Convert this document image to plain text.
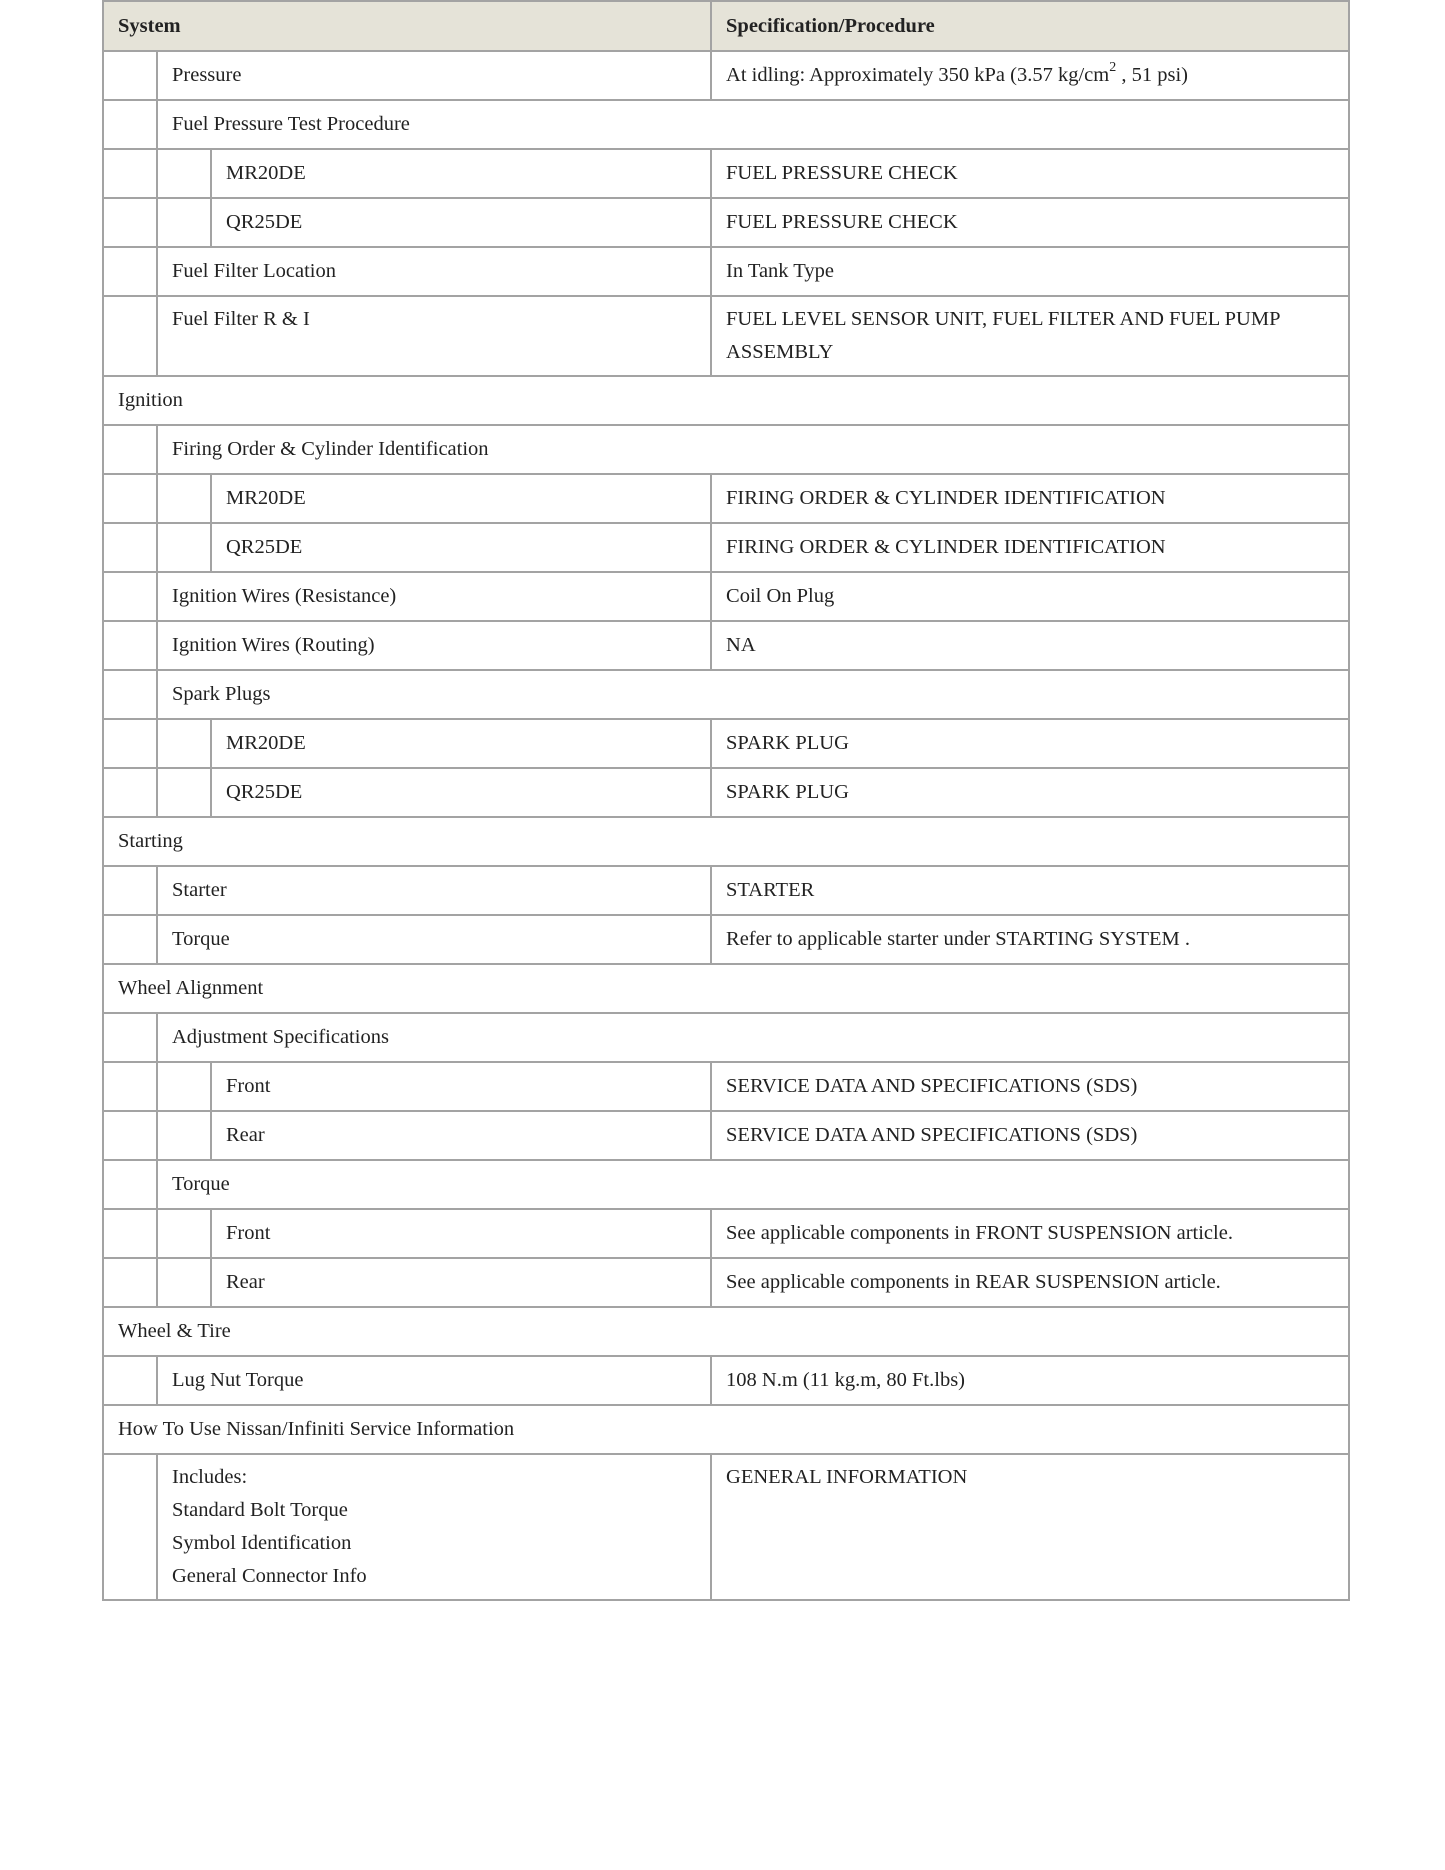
System			Specification/Procedure
	Pressure		At idling: Approximately 350 kPa (3.57 $kg/cm^2$ , 51 psi)
	Fuel Pressure Test Procedure		
		MR20DE	FUEL PRESSURE CHECK
		QR25DE	FUEL PRESSURE CHECK
	Fuel Filter Location		In Tank Type
	Fuel Filter R & I		FUEL LEVEL SENSOR UNIT, FUEL FILTER AND FUEL PUMP ASSEMBLY
Ignition			
	Firing Order & Cylinder Identification		
		MR20DE	FIRING ORDER & CYLINDER IDENTIFICATION
		QR25DE	FIRING ORDER & CYLINDER IDENTIFICATION
	Ignition Wires (Resistance)		Coil On Plug
	Ignition Wires (Routing)		NA
	Spark Plugs		
		MR20DE	SPARK PLUG
		QR25DE	SPARK PLUG
Starting			
	Starter		STARTER
	Torque		Refer to applicable starter under STARTING SYSTEM .
Wheel Alignment			
	Adjustment Specifications		
		Front	SERVICE DATA AND SPECIFICATIONS (SDS)
		Rear	SERVICE DATA AND SPECIFICATIONS (SDS)
	Torque		
		Front	See applicable components in FRONT SUSPENSION article.
		Rear	See applicable components in REAR SUSPENSION article.
Wheel & Tire			
	Lug Nut Torque		108 N.m (11 kg.m, 80 Ft.lbs)
How To Use Nissan/Infiniti Service Information			

	Includes:
Standard Bolt Torque
Symbol Identification
General Connector Info		GENERAL INFORMATION
